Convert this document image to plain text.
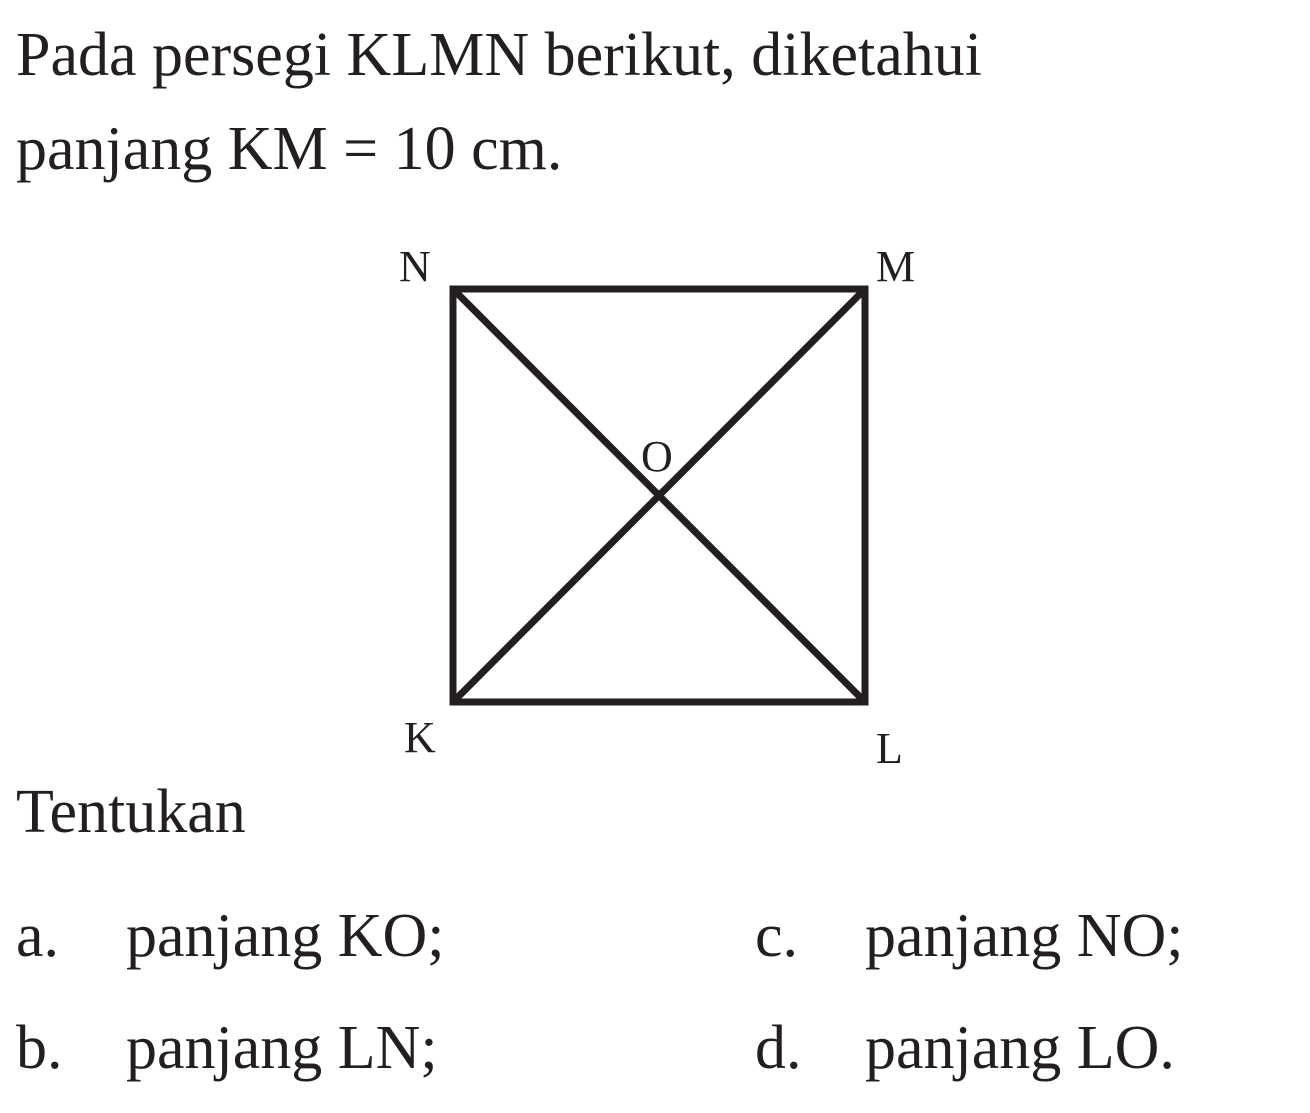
Pada persegi KLMN berikut, diketahui
panjang KM = 10 cm.

N	M
O
K	L

Tentukan

a. panjang KO;
b. panjang LN;
c. panjang NO;
d. panjang LO.
